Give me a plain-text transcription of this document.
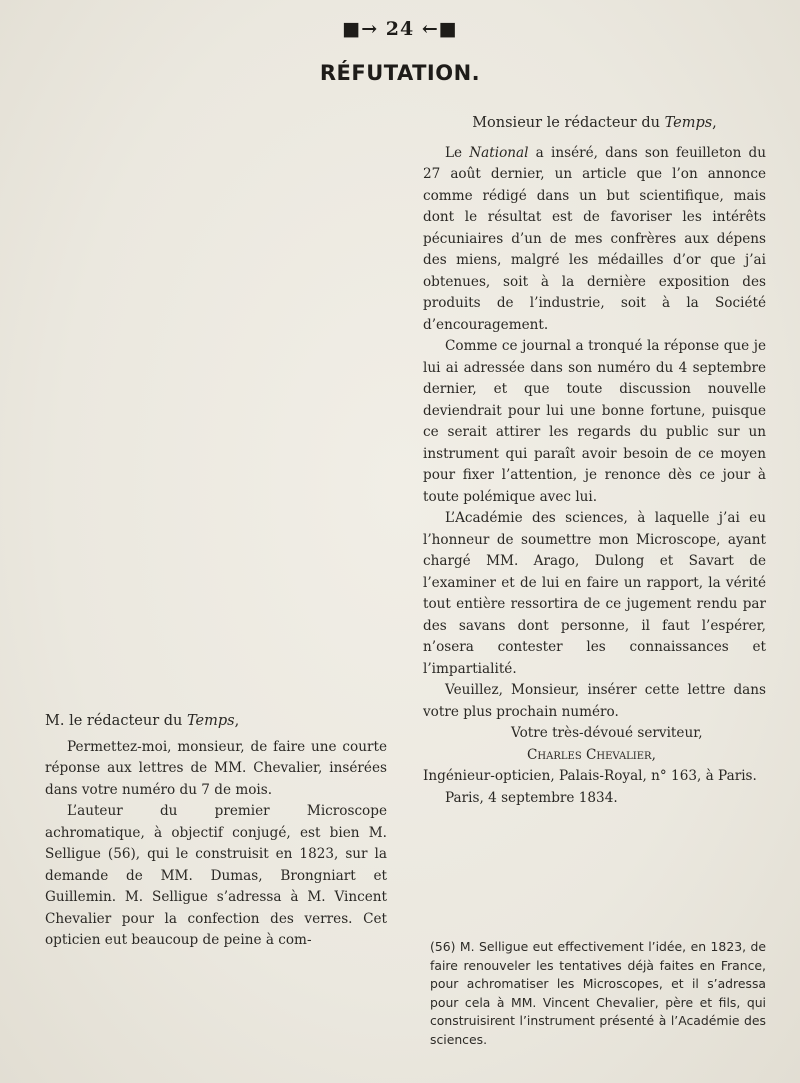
■→ 24 ←■
RÉFUTATION.
Monsieur le rédacteur du Temps,

Le National a inséré, dans son feuilleton du 27 août dernier, un article que l’on annonce comme rédigé dans un but scientifique, mais dont le résultat est de favoriser les intérêts pécuniaires d’un de mes confrères aux dépens des miens, malgré les médailles d’or que j’ai obtenues, soit à la dernière exposition des produits de l’industrie, soit à la Société d’encouragement.

Comme ce journal a tronqué la réponse que je lui ai adressée dans son numéro du 4 septembre dernier, et que toute discussion nouvelle deviendrait pour lui une bonne fortune, puisque ce serait attirer les regards du public sur un instrument qui paraît avoir besoin de ce moyen pour fixer l’attention, je renonce dès ce jour à toute polémique avec lui.

L’Académie des sciences, à laquelle j’ai eu l’honneur de soumettre mon Microscope, ayant chargé MM. Arago, Dulong et Savart de l’examiner et de lui en faire un rapport, la vérité tout entière ressortira de ce jugement rendu par des savans dont personne, il faut l’espérer, n’osera contester les connaissances et l’impartialité.

Veuillez, Monsieur, insérer cette lettre dans votre plus prochain numéro.

Votre très-dévoué serviteur,

Charles Chevalier,

Ingénieur-opticien, Palais-Royal, n° 163, à Paris.

Paris, 4 septembre 1834.

M. le rédacteur du Temps,

Permettez-moi, monsieur, de faire une courte réponse aux lettres de MM. Chevalier, insérées dans votre numéro du 7 de mois.

L’auteur du premier Microscope achromatique, à objectif conjugé, est bien M. Selligue (56), qui le construisit en 1823, sur la demande de MM. Dumas, Brongniart et Guillemin. M. Selligue s’adressa à M. Vincent Chevalier pour la confection des verres. Cet opticien eut beaucoup de peine à com-	(56) M. Selligue eut effectivement l’idée, en 1823, de faire renouveler les tentatives déjà faites en France, pour achromatiser les Microscopes, et il s’adressa pour cela à MM. Vincent Chevalier, père et fils, qui construisirent l’instrument présenté à l’Académie des sciences.
